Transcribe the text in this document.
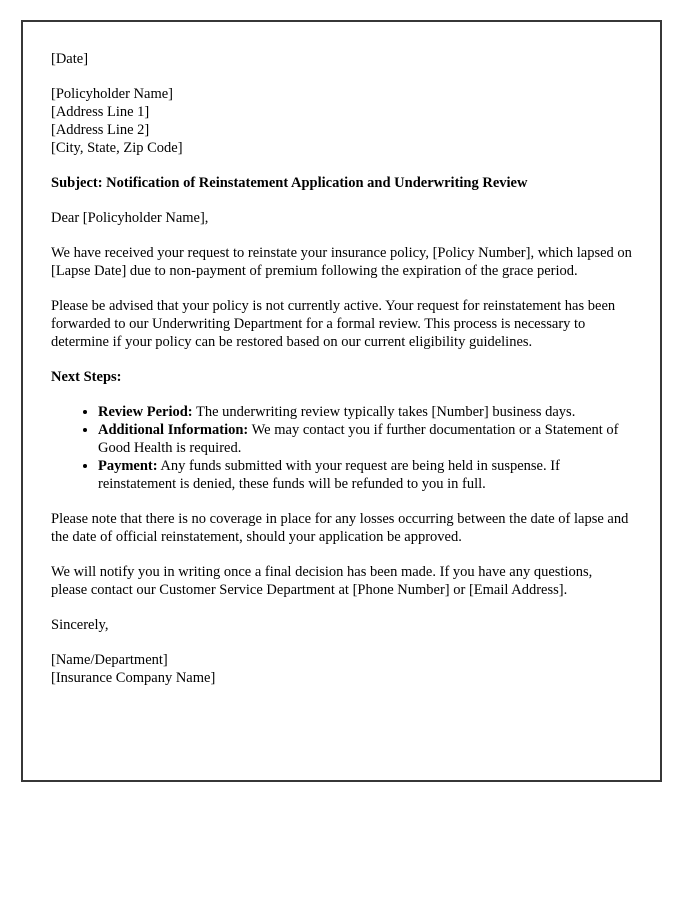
[Date]

[Policyholder Name]
[Address Line 1]
[Address Line 2]
[City, State, Zip Code]

Subject: Notification of Reinstatement Application and Underwriting Review

Dear [Policyholder Name],

We have received your request to reinstate your insurance policy, [Policy Number], which lapsed on [Lapse Date] due to non-payment of premium following the expiration of the grace period.

Please be advised that your policy is not currently active. Your request for reinstatement has been forwarded to our Underwriting Department for a formal review. This process is necessary to determine if your policy can be restored based on our current eligibility guidelines.

Next Steps:

• Review Period: The underwriting review typically takes [Number] business days.
• Additional Information: We may contact you if further documentation or a Statement of Good Health is required.
• Payment: Any funds submitted with your request are being held in suspense. If reinstatement is denied, these funds will be refunded to you in full.

Please note that there is no coverage in place for any losses occurring between the date of lapse and the date of official reinstatement, should your application be approved.

We will notify you in writing once a final decision has been made. If you have any questions, please contact our Customer Service Department at [Phone Number] or [Email Address].

Sincerely,

[Name/Department]
[Insurance Company Name]
